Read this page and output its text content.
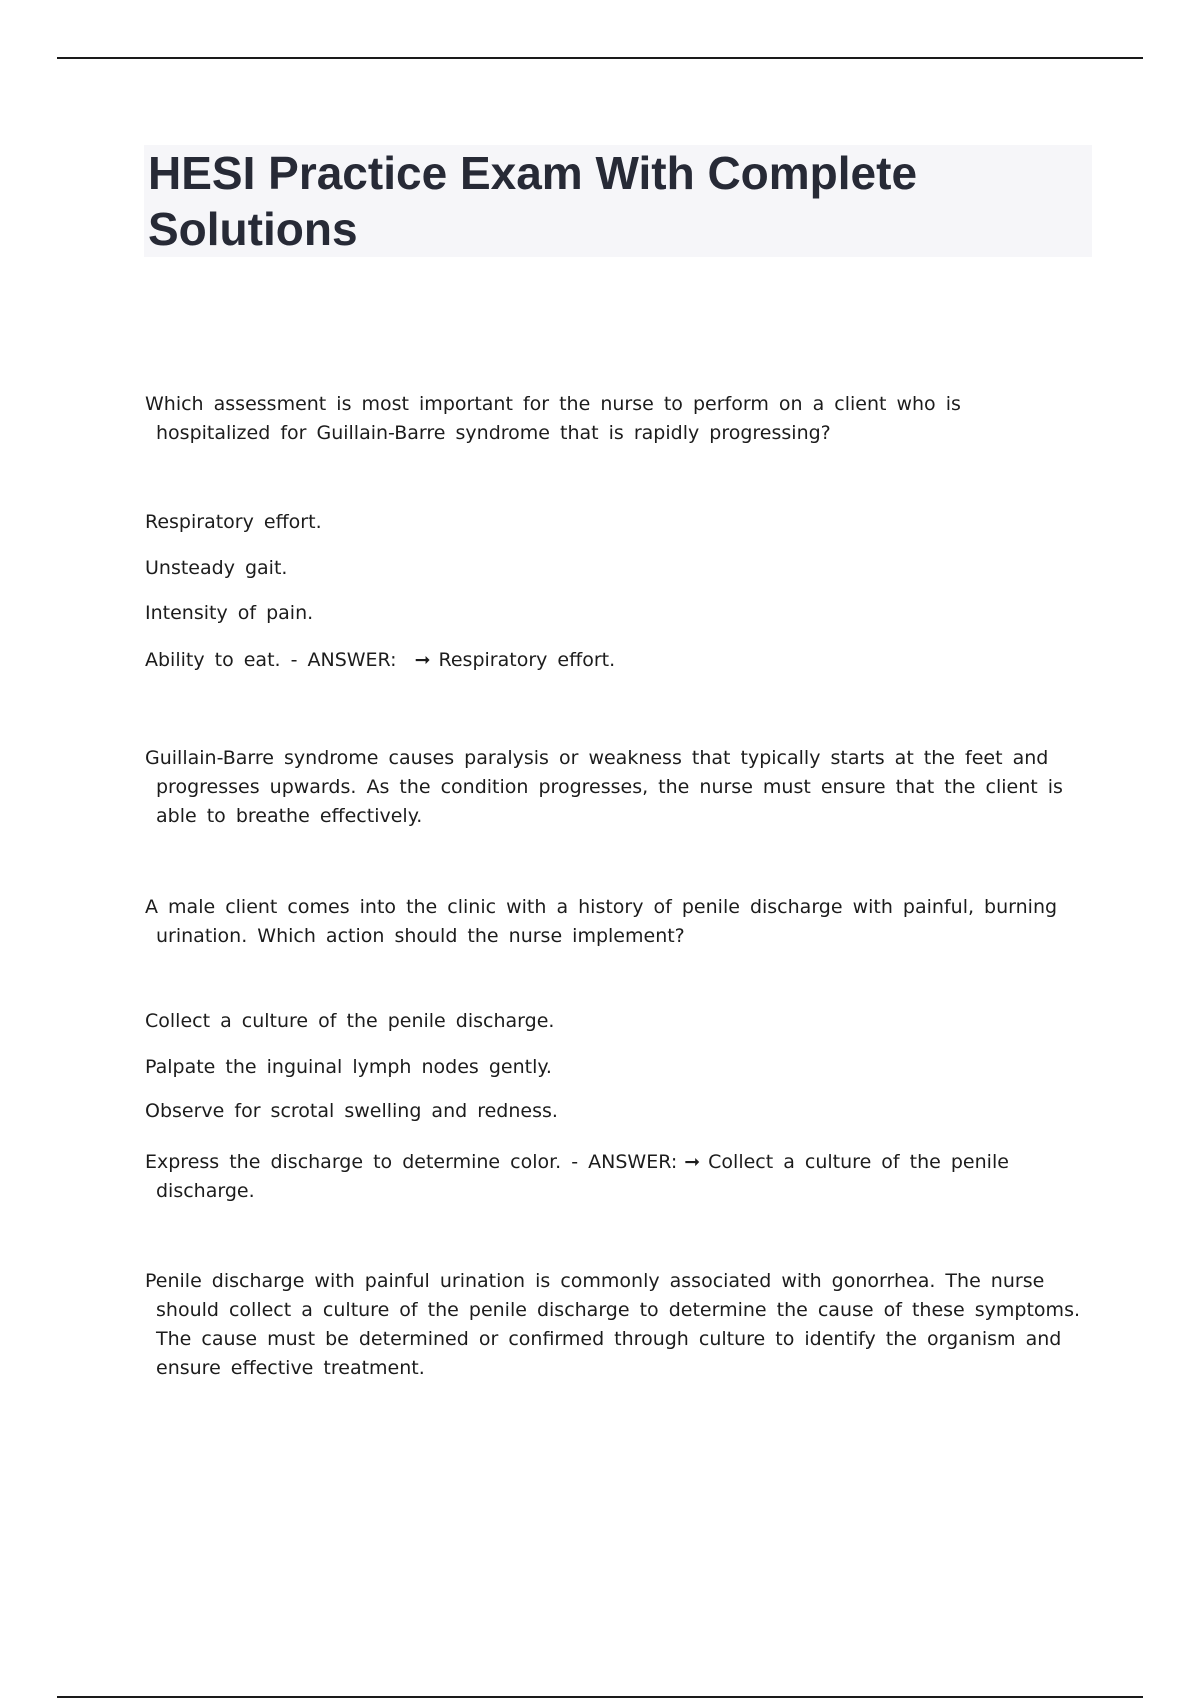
HESI Practice Exam With Complete Solutions

Which assessment is most important for the nurse to perform on a client who is hospitalized for Guillain-Barre syndrome that is rapidly progressing?

Respiratory effort.

Unsteady gait.

Intensity of pain.

Ability to eat. - ANSWER: ➞ Respiratory effort.

Guillain-Barre syndrome causes paralysis or weakness that typically starts at the feet and progresses upwards. As the condition progresses, the nurse must ensure that the client is able to breathe effectively.

A male client comes into the clinic with a history of penile discharge with painful, burning urination. Which action should the nurse implement?

Collect a culture of the penile discharge.

Palpate the inguinal lymph nodes gently.

Observe for scrotal swelling and redness.

Express the discharge to determine color. - ANSWER: ➞ Collect a culture of the penile discharge.

Penile discharge with painful urination is commonly associated with gonorrhea. The nurse should collect a culture of the penile discharge to determine the cause of these symptoms. The cause must be determined or confirmed through culture to identify the organism and ensure effective treatment.
